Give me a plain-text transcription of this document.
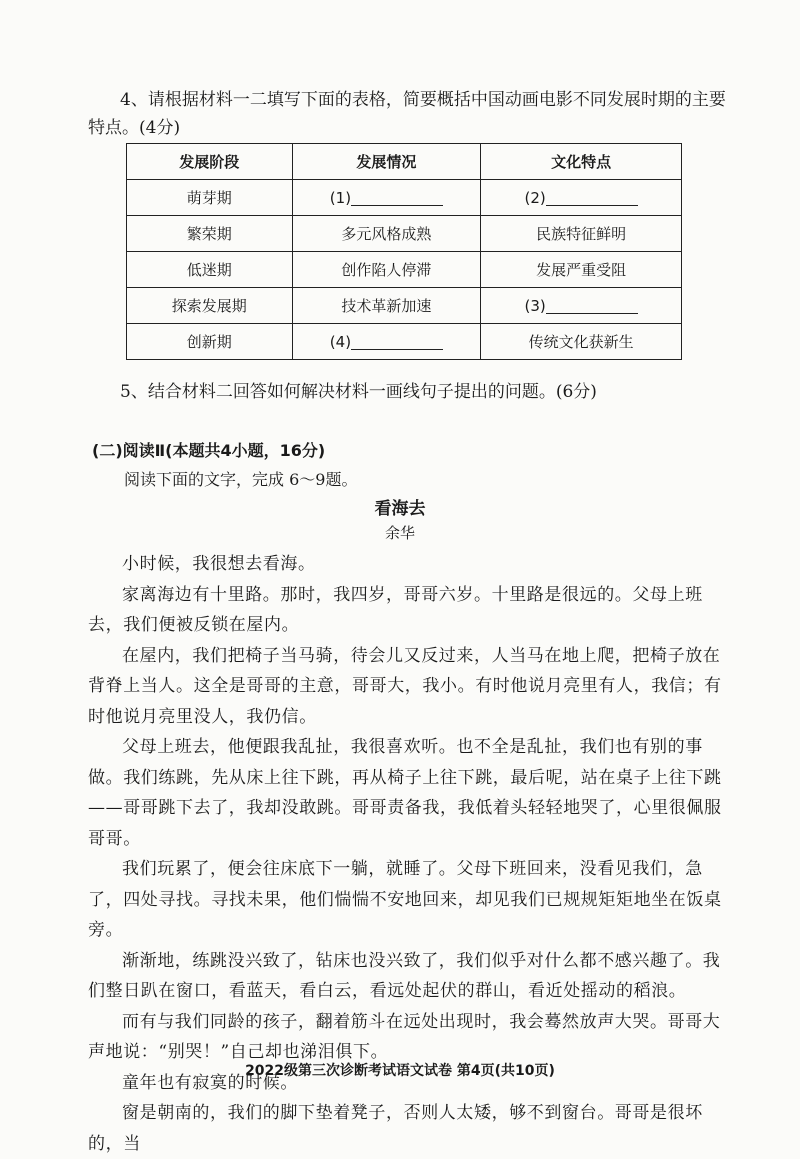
4、请根据材料一二填写下面的表格，简要概括中国动画电影不同发展时期的主要特点。(4分)
发展阶段	发展情况	文化特点
萌芽期	(1)	(2)
繁荣期	多元风格成熟	民族特征鲜明
低迷期	创作陷人停滞	发展严重受阻
探索发展期	技术革新加速	(3)
创新期	(4)	传统文化获新生
5、结合材料二回答如何解决材料一画线句子提出的问题。(6分)
(二)阅读Ⅱ(本题共4小题，16分)
阅读下面的文字，完成 6～9题。
看海去
余华

小时候，我很想去看海。

家离海边有十里路。那时，我四岁，哥哥六岁。十里路是很远的。父母上班去，我们便被反锁在屋内。

在屋内，我们把椅子当马骑，待会儿又反过来，人当马在地上爬，把椅子放在背脊上当人。这全是哥哥的主意，哥哥大，我小。有时他说月亮里有人，我信；有时他说月亮里没人，我仍信。

父母上班去，他便跟我乱扯，我很喜欢听。也不全是乱扯，我们也有别的事做。我们练跳，先从床上往下跳，再从椅子上往下跳，最后呢，站在桌子上往下跳——哥哥跳下去了，我却没敢跳。哥哥责备我，我低着头轻轻地哭了，心里很佩服哥哥。

我们玩累了，便会往床底下一躺，就睡了。父母下班回来，没看见我们，急了，四处寻找。寻找未果，他们惴惴不安地回来，却见我们已规规矩矩地坐在饭桌旁。

渐渐地，练跳没兴致了，钻床也没兴致了，我们似乎对什么都不感兴趣了。我们整日趴在窗口，看蓝天，看白云，看远处起伏的群山，看近处摇动的稻浪。

而有与我们同龄的孩子，翻着筋斗在远处出现时，我会蓦然放声大哭。哥哥大声地说：“别哭！”自己却也涕泪俱下。

童年也有寂寞的时候。

窗是朝南的，我们的脚下垫着凳子，否则人太矮，够不到窗台。哥哥是很坏的，当

2022级第三次诊断考试语文试卷 第4页(共10页)
